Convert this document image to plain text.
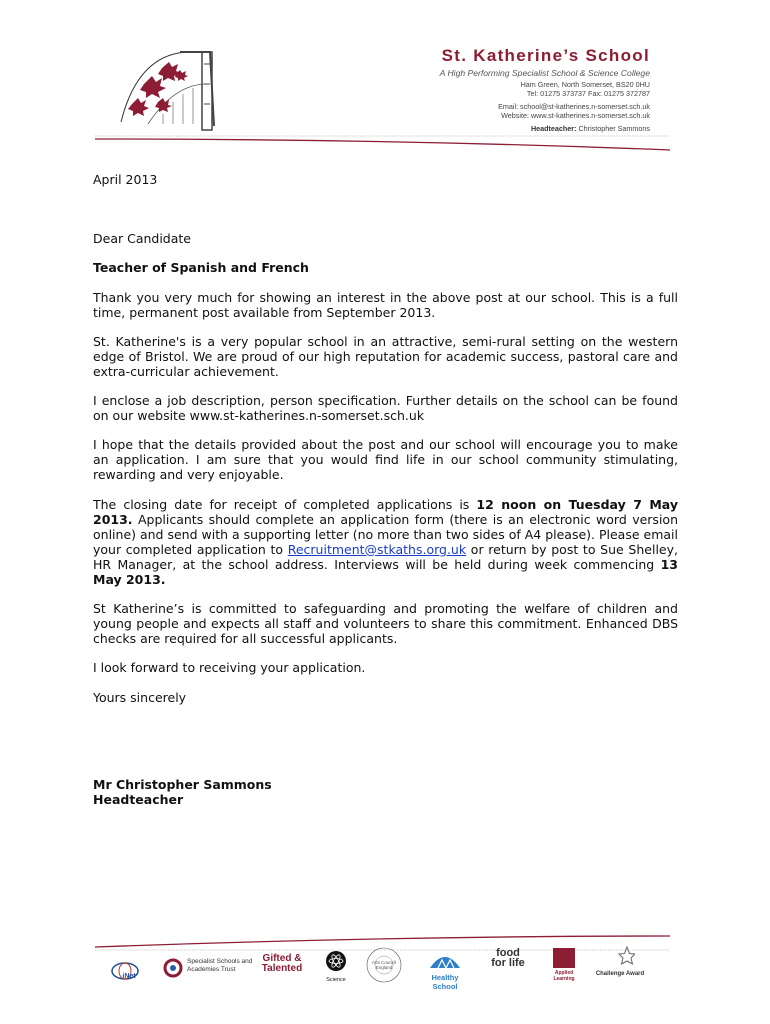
St. Katherine’s School
A High Performing Specialist School & Science College
Ham Green, North Somerset, BS20 0HU
Tel: 01275 373737 Fax: 01275 372787
Email: school@st-katherines.n-somerset.sch.uk
Website: www.st-katherines.n-somerset.sch.uk
Headteacher: Christopher Sammons

April 2013

Dear Candidate

Teacher of Spanish and French

Thank you very much for showing an interest in the above post at our school. This is a full time, permanent post available from September 2013.

St. Katherine's is a very popular school in an attractive, semi-rural setting on the western edge of Bristol. We are proud of our high reputation for academic success, pastoral care and extra-curricular achievement.

I enclose a job description, person specification. Further details on the school can be found on our website www.st-katherines.n-somerset.sch.uk

I hope that the details provided about the post and our school will encourage you to make an application. I am sure that you would find life in our school community stimulating, rewarding and very enjoyable.

The closing date for receipt of completed applications is 12 noon on Tuesday 7 May 2013. Applicants should complete an application form (there is an electronic word version online) and send with a supporting letter (no more than two sides of A4 please). Please email your completed application to Recruitment@stkaths.org.uk or return by post to Sue Shelley, HR Manager, at the school address. Interviews will be held during week commencing 13 May 2013.

St Katherine’s is committed to safeguarding and promoting the welfare of children and young people and expects all staff and volunteers to share this commitment. Enhanced DBS checks are required for all successful applicants.

I look forward to receiving your application.

Yours sincerely

Mr Christopher Sammons
Headteacher
iNet
Specialist Schools and Academies Trust
Gifted & Talented
Science
Arts Council England
Healthy School
food for life
Applied Learning
Challenge Award
